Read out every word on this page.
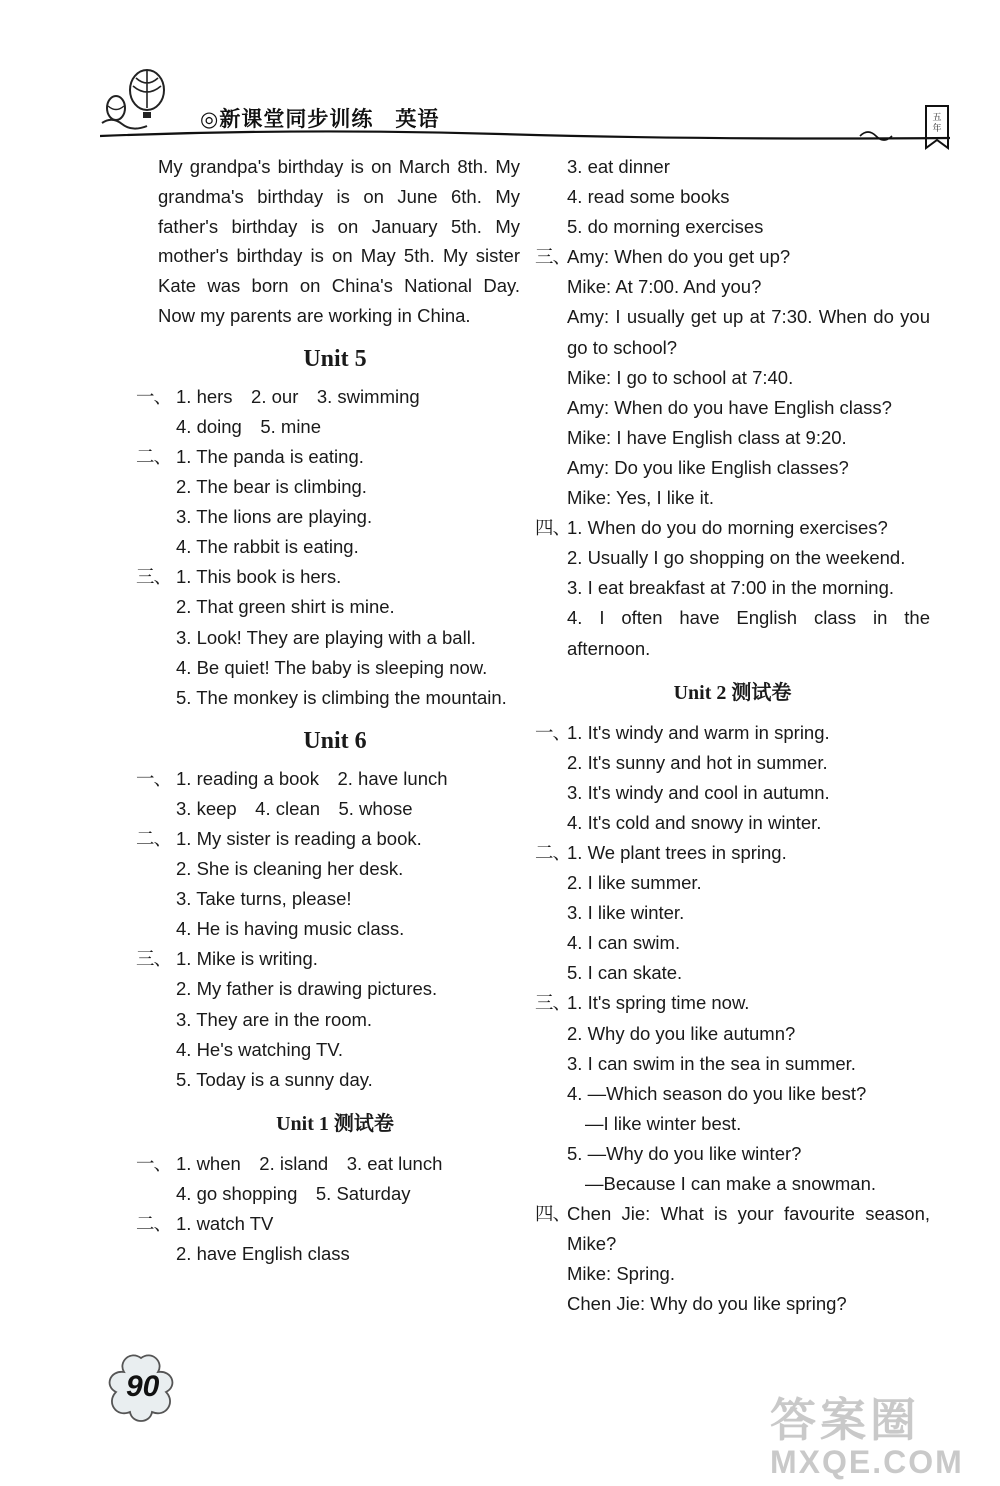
◎新课堂同步训练　英语	五年

My grandpa's birthday is on March 8th. My grandma's birthday is on June 6th. My father's birthday is on January 5th. My mother's birthday is on May 5th. My sister Kate was born on China's National Day. Now my parents are working in China.

Unit 5
一、 1. hers　2. our　3. swimming
4. doing　5. mine
二、 1. The panda is eating.
2. The bear is climbing.
3. The lions are playing.
4. The rabbit is eating.
三、 1. This book is hers.
2. That green shirt is mine.
3. Look! They are playing with a ball.
4. Be quiet! The baby is sleeping now.
5. The monkey is climbing the mountain.
Unit 6
一、 1. reading a book　2. have lunch
3. keep　4. clean　5. whose
二、 1. My sister is reading a book.
2. She is cleaning her desk.
3. Take turns, please!
4. He is having music class.
三、 1. Mike is writing.
2. My father is drawing pictures.
3. They are in the room.
4. He's watching TV.
5. Today is a sunny day.
Unit 1 测试卷
一、 1. when　2. island　3. eat lunch
4. go shopping　5. Saturday
二、 1. watch TV
2. have English class
3. eat dinner
4. read some books
5. do morning exercises
三、
Amy: When do you get up?
Mike: At 7:00. And you?
Amy: I usually get up at 7:30. When do you go to school?
Mike: I go to school at 7:40.
Amy: When do you have English class?
Mike: I have English class at 9:20.
Amy: Do you like English classes?
Mike: Yes, I like it.
四、
1. When do you do morning exercises?
2. Usually I go shopping on the weekend.
3. I eat breakfast at 7:00 in the morning.
4. I often have English class in the afternoon.
Unit 2 测试卷
一、
1. It's windy and warm in spring.
2. It's sunny and hot in summer.
3. It's windy and cool in autumn.
4. It's cold and snowy in winter.
二、
1. We plant trees in spring.
2. I like summer.
3. I like winter.
4. I can swim.
5. I can skate.
三、
1. It's spring time now.
2. Why do you like autumn?
3. I can swim in the sea in summer.
4. —Which season do you like best?
—I like winter best.
5. —Why do you like winter?
—Because I can make a snowman.
四、
Chen Jie: What is your favourite season, Mike?
Mike: Spring.
Chen Jie: Why do you like spring?
90
答案圈
MXQE.COM
